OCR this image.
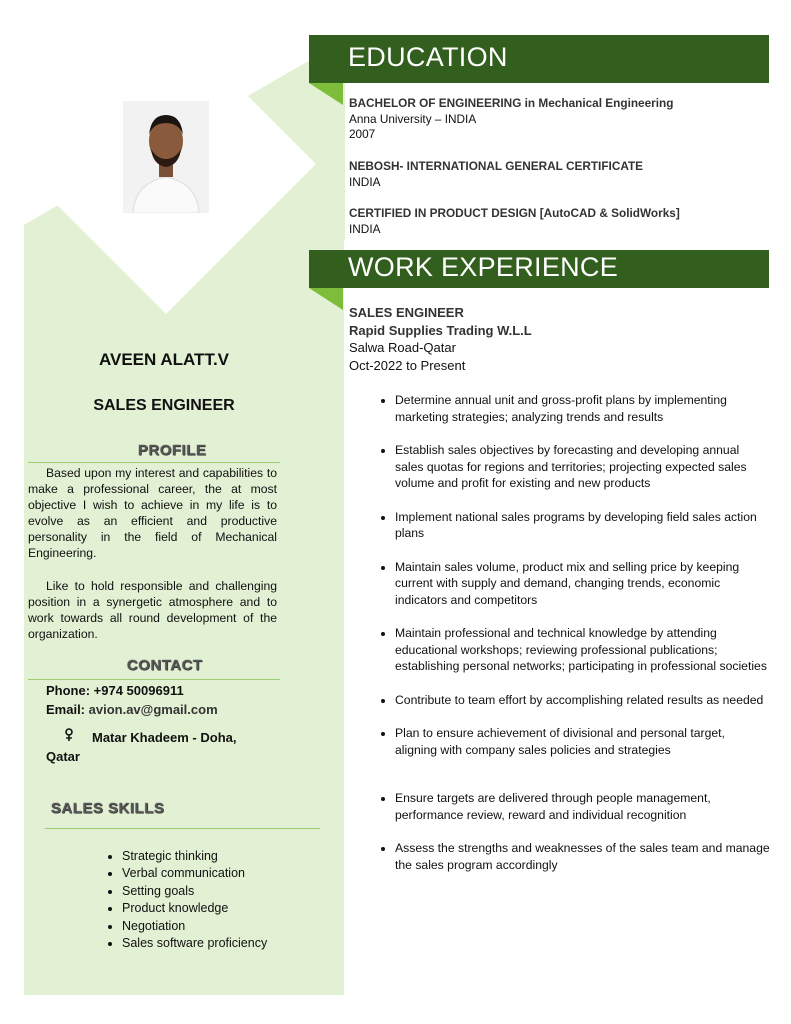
AVEEN ALATT.V
SALES ENGINEER
PROFILE

Based upon my interest and capabilities to make a professional career, the at most objective I wish to achieve in my life is to evolve as an efficient and productive personality in the field of Mechanical Engineering.

Like to hold responsible and challenging position in a synergetic atmosphere and to work towards all round development of the organization.

CONTACT
Phone: +974 50096911
Email: avion.av@gmail.com
Matar Khadeem - Doha,
Qatar
SALES SKILLS
• Strategic thinking
• Verbal communication
• Setting goals
• Product knowledge
• Negotiation
• Sales software proficiency
EDUCATION
BACHELOR OF ENGINEERING in Mechanical Engineering
Anna University – INDIA
2007
NEBOSH- INTERNATIONAL GENERAL CERTIFICATE
INDIA
CERTIFIED IN PRODUCT DESIGN [AutoCAD & SolidWorks]
INDIA
WORK EXPERIENCE
SALES ENGINEER
Rapid Supplies Trading W.L.L
Salwa Road-Qatar
Oct-2022 to Present
• Determine annual unit and gross-profit plans by implementing marketing strategies; analyzing trends and results
• Establish sales objectives by forecasting and developing annual sales quotas for regions and territories; projecting expected sales volume and profit for existing and new products
• Implement national sales programs by developing field sales action plans
• Maintain sales volume, product mix and selling price by keeping current with supply and demand, changing trends, economic indicators and competitors
• Maintain professional and technical knowledge by attending educational workshops; reviewing professional publications; establishing personal networks; participating in professional societies
• Contribute to team effort by accomplishing related results as needed
• Plan to ensure achievement of divisional and personal target, aligning with company sales policies and strategies
• Ensure targets are delivered through people management, performance review, reward and individual recognition
• Assess the strengths and weaknesses of the sales team and manage the sales program accordingly
